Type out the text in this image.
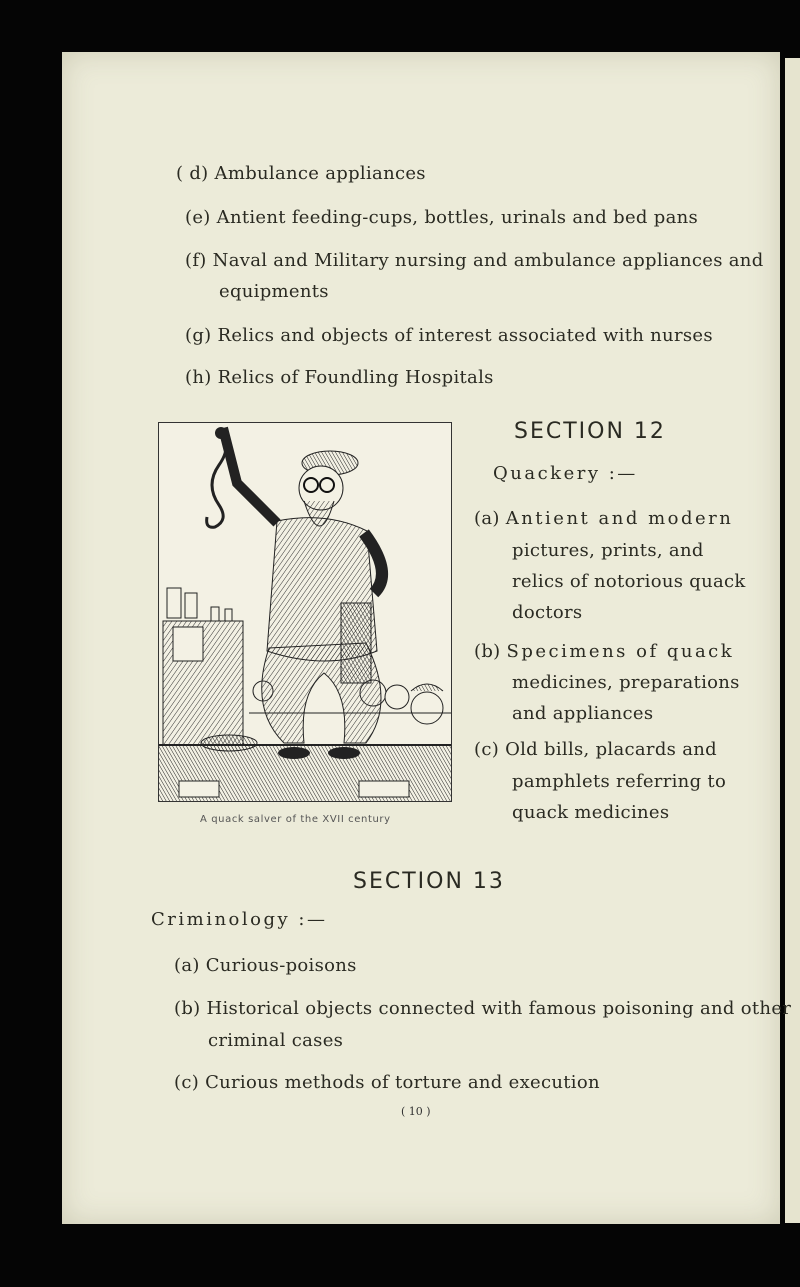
( d) Ambulance appliances
(e) Antient feeding-cups, bottles, urinals and bed pans
(f) Naval and Military nursing and ambulance appliances and
equipments
(g) Relics and objects of interest associated with nurses
(h) Relics of Foundling Hospitals
A quack salver of the XVII century
SECTION 12
Quackery :—
(a) Antient and modern
pictures, prints, and
relics of notorious quack
doctors
(b) Specimens of quack
medicines, preparations
and appliances
(c) Old bills, placards and
pamphlets referring to
quack medicines
SECTION 13
Criminology :—
(a) Curious-poisons
(b) Historical objects connected with famous poisoning and other
criminal cases
(c) Curious methods of torture and execution
( 10 )
